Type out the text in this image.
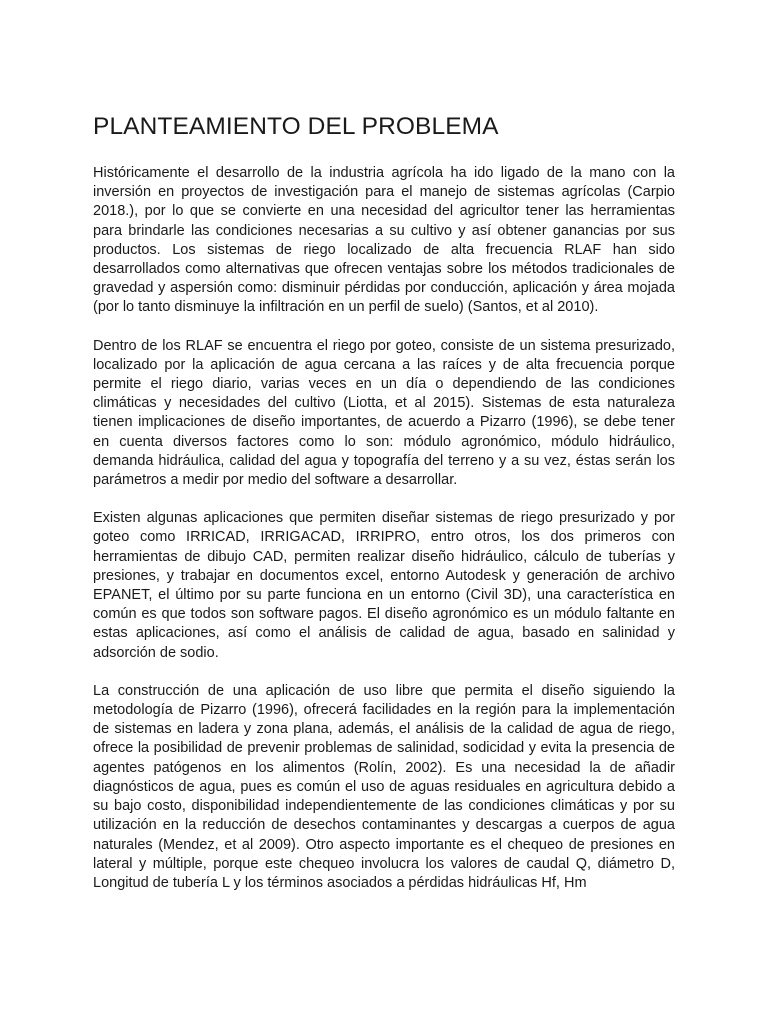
PLANTEAMIENTO DEL PROBLEMA

Históricamente el desarrollo de la industria agrícola ha ido ligado de la mano con la inversión en proyectos de investigación para el manejo de sistemas agrícolas (Carpio 2018.), por lo que se convierte en una necesidad del agricultor tener las herramientas para brindarle las condiciones necesarias a su cultivo y así obtener ganancias por sus productos. Los sistemas de riego localizado de alta frecuencia RLAF han sido desarrollados como alternativas que ofrecen ventajas sobre los métodos tradicionales de gravedad y aspersión como: disminuir pérdidas por conducción, aplicación y área mojada (por lo tanto disminuye la infiltración en un perfil de suelo) (Santos, et al 2010).

Dentro de los RLAF se encuentra el riego por goteo, consiste de un sistema presurizado, localizado por la aplicación de agua cercana a las raíces y de alta frecuencia porque permite el riego diario, varias veces en un día o dependiendo de las condiciones climáticas y necesidades del cultivo (Liotta, et al 2015). Sistemas de esta naturaleza tienen implicaciones de diseño importantes, de acuerdo a Pizarro (1996), se debe tener en cuenta diversos factores como lo son: módulo agronómico, módulo hidráulico, demanda hidráulica, calidad del agua y topografía del terreno y a su vez, éstas serán los parámetros a medir por medio del software a desarrollar.

Existen algunas aplicaciones que permiten diseñar sistemas de riego presurizado y por goteo como IRRICAD, IRRIGACAD, IRRIPRO, entro otros, los dos primeros con herramientas de dibujo CAD, permiten realizar diseño hidráulico, cálculo de tuberías y presiones, y trabajar en documentos excel, entorno Autodesk y generación de archivo EPANET, el último por su parte funciona en un entorno (Civil 3D), una característica en común es que todos son software pagos. El diseño agronómico es un módulo faltante en estas aplicaciones, así como el análisis de calidad de agua, basado en salinidad y adsorción de sodio.

La construcción de una aplicación de uso libre que permita el diseño siguiendo la metodología de Pizarro (1996), ofrecerá facilidades en la región para la implementación de sistemas en ladera y zona plana, además, el análisis de la calidad de agua de riego, ofrece la posibilidad de prevenir problemas de salinidad, sodicidad y evita la presencia de agentes patógenos en los alimentos (Rolín, 2002). Es una necesidad la de añadir diagnósticos de agua, pues es común el uso de aguas residuales en agricultura debido a su bajo costo, disponibilidad independientemente de las condiciones climáticas y por su utilización en la reducción de desechos contaminantes y descargas a cuerpos de agua naturales (Mendez, et al 2009). Otro aspecto importante es el chequeo de presiones en lateral y múltiple, porque este chequeo involucra los valores de caudal Q, diámetro D, Longitud de tubería L y los términos asociados a pérdidas hidráulicas Hf, Hm
